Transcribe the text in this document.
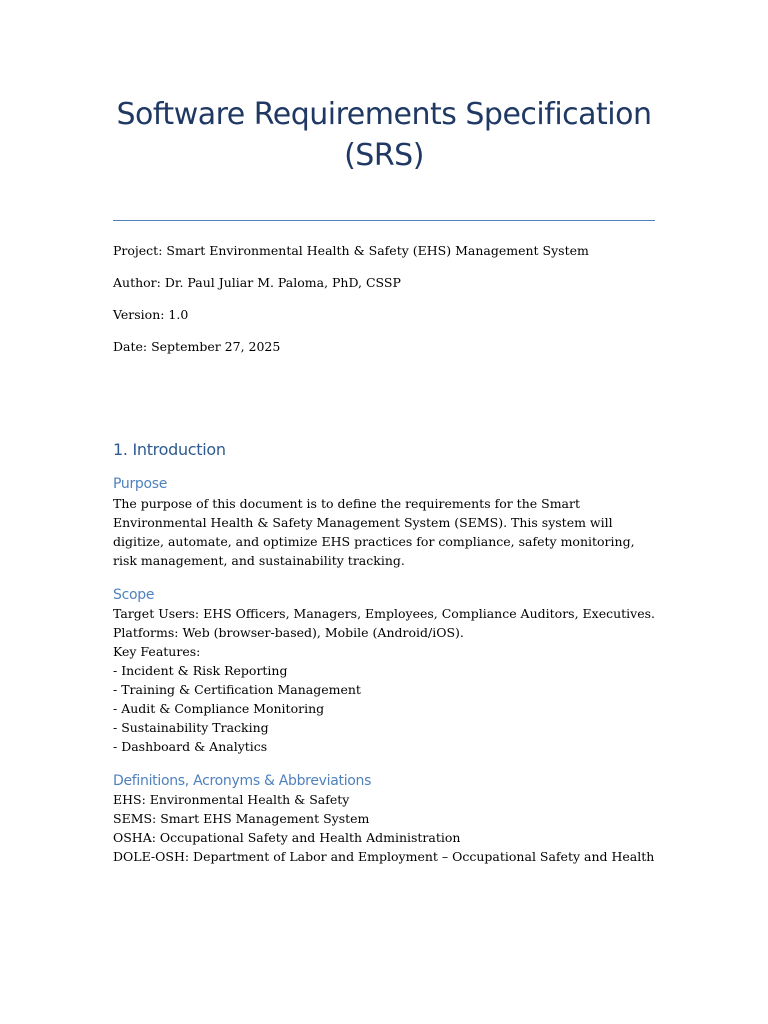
Software Requirements Specification (SRS)
Project: Smart Environmental Health & Safety (EHS) Management System
Author: Dr. Paul Juliar M. Paloma, PhD, CSSP
Version: 1.0
Date: September 27, 2025
1. Introduction
Purpose
The purpose of this document is to define the requirements for the Smart Environmental Health & Safety Management System (SEMS). This system will digitize, automate, and optimize EHS practices for compliance, safety monitoring, risk management, and sustainability tracking.
Scope
Target Users: EHS Officers, Managers, Employees, Compliance Auditors, Executives.
Platforms: Web (browser-based), Mobile (Android/iOS).
Key Features:
- Incident & Risk Reporting
- Training & Certification Management
- Audit & Compliance Monitoring
- Sustainability Tracking
- Dashboard & Analytics
Definitions, Acronyms & Abbreviations
EHS: Environmental Health & Safety
SEMS: Smart EHS Management System
OSHA: Occupational Safety and Health Administration
DOLE-OSH: Department of Labor and Employment – Occupational Safety and Health
